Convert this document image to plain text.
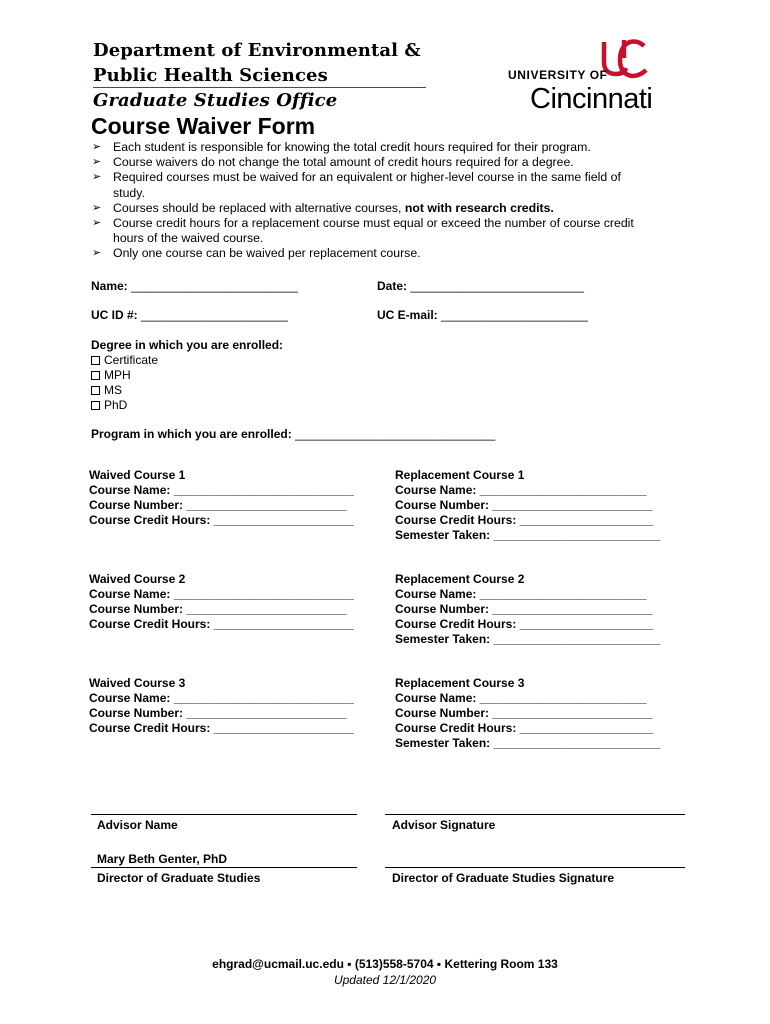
Department of Environmental &
Public Health Sciences
Graduate Studies Office
UNIVERSITY OF
Cincinnati
Course Waiver Form
➢ Each student is responsible for knowing the total credit hours required for their program.
➢ Course waivers do not change the total amount of credit hours required for a degree.
➢ Required courses must be waived for an equivalent or higher-level course in the same field of study.
➢ Courses should be replaced with alternative courses, not with research credits.
➢ Course credit hours for a replacement course must equal or exceed the number of course credit hours of the waived course.
➢ Only one course can be waived per replacement course.
Name: _________________________	Date: __________________________
UC ID #: ______________________	UC E-mail: ______________________
Degree in which you are enrolled:
Certificate
MPH
MS
PhD
Program in which you are enrolled: ______________________________
Waived Course 1
Course Name: ___________________________
Course Number: ________________________
Course Credit Hours: _____________________
Replacement Course 1
Course Name: _________________________
Course Number: ________________________
Course Credit Hours: ____________________
Semester Taken: _________________________
Waived Course 2
Course Name: ___________________________
Course Number: ________________________
Course Credit Hours: _____________________
Replacement Course 2
Course Name: _________________________
Course Number: ________________________
Course Credit Hours: ____________________
Semester Taken: _________________________
Waived Course 3
Course Name: ___________________________
Course Number: ________________________
Course Credit Hours: _____________________
Replacement Course 3
Course Name: _________________________
Course Number: ________________________
Course Credit Hours: ____________________
Semester Taken: _________________________
Advisor Name	Advisor Signature
Mary Beth Genter, PhD
Director of Graduate Studies	Director of Graduate Studies Signature
ehgrad@ucmail.uc.edu ▪ (513)558-5704 ▪ Kettering Room 133
Updated 12/1/2020
